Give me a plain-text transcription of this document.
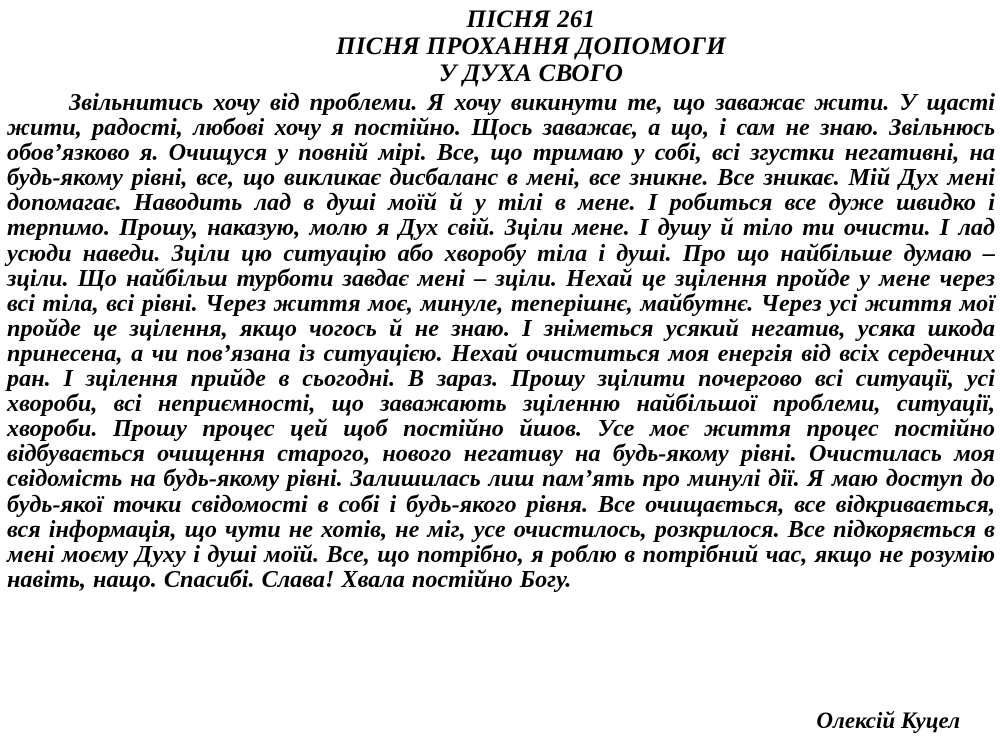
ПІСНЯ 261
ПІСНЯ ПРОХАННЯ ДОПОМОГИ
У ДУХА СВОГО
Звільнитись хочу від проблеми. Я хочу викинути те, що заважає жити. У щасті жити, радості, любові хочу я постійно. Щось заважає, а що, і сам не знаю. Звільнюсь обов’язково я. Очищуся у повній мірі. Все, що тримаю у собі, всі згустки негативні, на будь-якому рівні, все, що викликає дисбаланс в мені, все зникне. Все зникає. Мій Дух мені допомагає. Наводить лад в душі моїй й у тілі в мене. І робиться все дуже швидко і терпимо. Прошу, наказую, молю я Дух свій. Зціли мене. І душу й тіло ти очисти. І лад усюди наведи. Зціли цю ситуацію або хворобу тіла і душі. Про що найбільше думаю – зціли. Що найбільш турботи завдає мені – зціли. Нехай це зцілення пройде у мене через всі тіла, всі рівні. Через життя моє, минуле, теперішнє, майбутнє. Через усі життя мої пройде це зцілення, якщо чогось й не знаю. І зніметься усякий негатив, усяка шкода принесена, а чи пов’язана із ситуацією. Нехай очиститься моя енергія від всіх сердечних ран. І зцілення прийде в сьогодні. В зараз. Прошу зцілити почергово всі ситуації, усі хвороби, всі неприємності, що заважають зціленню найбільшої проблеми, ситуації, хвороби. Прошу процес цей щоб постійно йшов. Усе моє життя процес постійно відбувається очищення старого, нового негативу на будь-якому рівні. Очистилась моя свідомість на будь-якому рівні. Залишилась лиш пам’ять про минулі дії. Я маю доступ до будь-якої точки свідомості в собі і будь-якого рівня. Все очищається, все відкривається, вся інформація, що чути не хотів, не міг, усе очистилось, розкрилося. Все підкоряється в мені моєму Духу і душі моїй. Все, що потрібно, я роблю в потрібний час, якщо не розумію навіть, нащо. Спасибі. Слава! Хвала постійно Богу.
Олексій Куцел
